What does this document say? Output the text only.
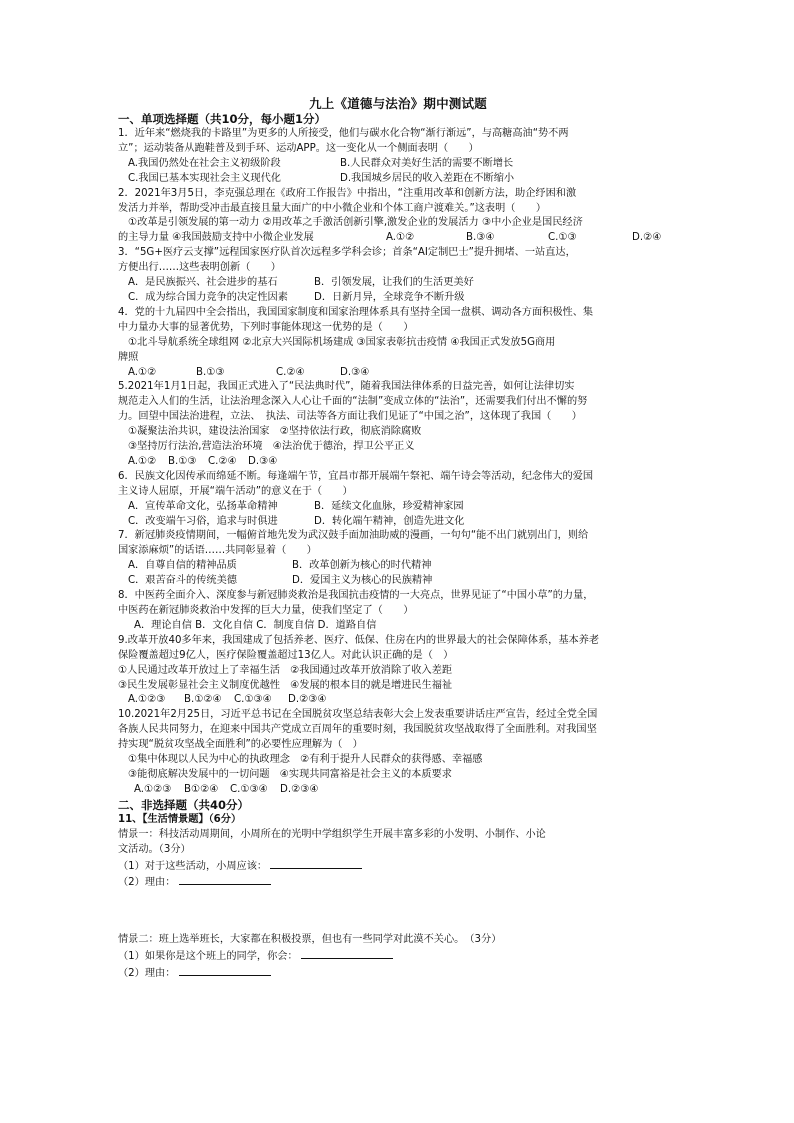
九上《道德与法治》期中测试题
一、单项选择题（共10分，每小题1分）
1．近年来“燃烧我的卡路里”为更多的人所接受，他们与碳水化合物“渐行渐远”，与高糖高油“势不两
立”；运动装备从跑鞋普及到手环、运动APP。这一变化从一个侧面表明（　　）
A.我国仍然处在社会主义初级阶段	B.人民群众对美好生活的需要不断增长
C.我国已基本实现社会主义现代化	D.我国城乡居民的收入差距在不断缩小
2．2021年3月5日，李克强总理在《政府工作报告》中指出，“注重用改革和创新方法，助企纾困和激
发活力并举，帮助受冲击最直接且量大面广的中小微企业和个体工商户渡难关。”这表明（　　）
①改革是引领发展的第一动力 ②用改革之手激活创新引擎,激发企业的发展活力 ③中小企业是国民经济
的主导力量 ④我国鼓励支持中小微企业发展	A.①②	B.③④	C.①③	D.②④
3．“5G+医疗云支撑”远程国家医疗队首次远程多学科会诊；首条“AI定制巴士”提升拥堵、一站直达，
方便出行……这些表明创新（　　）
A．是民族振兴、社会进步的基石	B．引领发展，让我们的生活更美好
C．成为综合国力竞争的决定性因素	D．日新月异，全球竞争不断升级
4．党的十九届四中全会指出，我国国家制度和国家治理体系具有坚持全国一盘棋、调动各方面积极性、集
中力量办大事的显著优势，下列时事能体现这一优势的是（　　）
①北斗导航系统全球组网 ②北京大兴国际机场建成 ③国家表彰抗击疫情 ④我国正式发放5G商用
牌照
A.①②	B.①③	C.②④	D.③④
5.2021年1月1日起，我国正式进入了“民法典时代”，随着我国法律体系的日益完善，如何让法律切实
规范走入人们的生活，让法治理念深入人心让千面的“法制”变成立体的“法治”，还需要我们付出不懈的努
力。回望中国法治进程，立法、　执法、司法等各方面让我们见证了“中国之治”，这体现了我国（　　）
①凝聚法治共识，建设法治国家　②坚持依法行政，彻底消除腐败
③坚持厉行法治,营造法治环境　④法治优于德治，捍卫公平正义
A.①②	B.①③	C.②④	D.③④
6．民族文化因传承而绵延不断。每逢端午节，宜昌市都开展端午祭祀、端午诗会等活动，纪念伟大的爱国
主义诗人屈原，开展“端午活动”的意义在于（　　）
A．宣传革命文化，弘扬革命精神	B．延续文化血脉，珍爱精神家园
C．改变端午习俗，追求与时俱进	D．转化端午精神，创造先进文化
7．新冠肺炎疫情期间，一幅俯首地先发为武汉鼓手面加油助威的漫画，一句句“能不出门就别出门，则给
国家添麻烦”的话语……共同彰显着（　　）
A．自尊自信的精神品质	B．改革创新为核心的时代精神
C．艰苦奋斗的传统美德	D．爱国主义为核心的民族精神
8．中医药全面介入、深度参与新冠肺炎救治是我国抗击疫情的一大亮点，世界见证了“中国小草”的力量，
中医药在新冠肺炎救治中发挥的巨大力量，使我们坚定了（　　）
A．理论自信 B．文化自信 C．制度自信 D．道路自信
9.改革开放40多年来，我国建成了包括养老、医疗、低保、住房在内的世界最大的社会保障体系，基本养老
保险覆盖超过9亿人，医疗保险覆盖超过13亿人。对此认识正确的是（　）
①人民通过改革开放过上了幸福生活　②我国通过改革开放消除了收入差距
③民生发展彰显社会主义制度优越性　④发展的根本目的就是增进民生福祉
A.①②③	B.①②④	C.①③④	D.②③④
10.2021年2月25日，习近平总书记在全国脱贫攻坚总结表彰大会上发表重要讲话庄严宣告，经过全党全国
各族人民共同努力，在迎来中国共产党成立百周年的重要时刻，我国脱贫攻坚战取得了全面胜利。对我国坚
持实现“脱贫攻坚战全面胜利”的必要性应理解为（　）
①集中体现以人民为中心的执政理念　②有利于提升人民群众的获得感、幸福感
③能彻底解决发展中的一切问题　④实现共同富裕是社会主义的本质要求
A.①②③	B①②④	C.①③④	D.②③④
二、非选择题（共40分）
11、【生活情景题】（6分）
情景一：科技活动周期间，小周所在的光明中学组织学生开展丰富多彩的小发明、小制作、小论
文活动。（3分）
（1）对于这些活动，小周应该：
（2）理由：
情景二：班上选举班长，大家都在积极投票，但也有一些同学对此漠不关心。　（3分）
（1）如果你是这个班上的同学，你会：
（2）理由：
